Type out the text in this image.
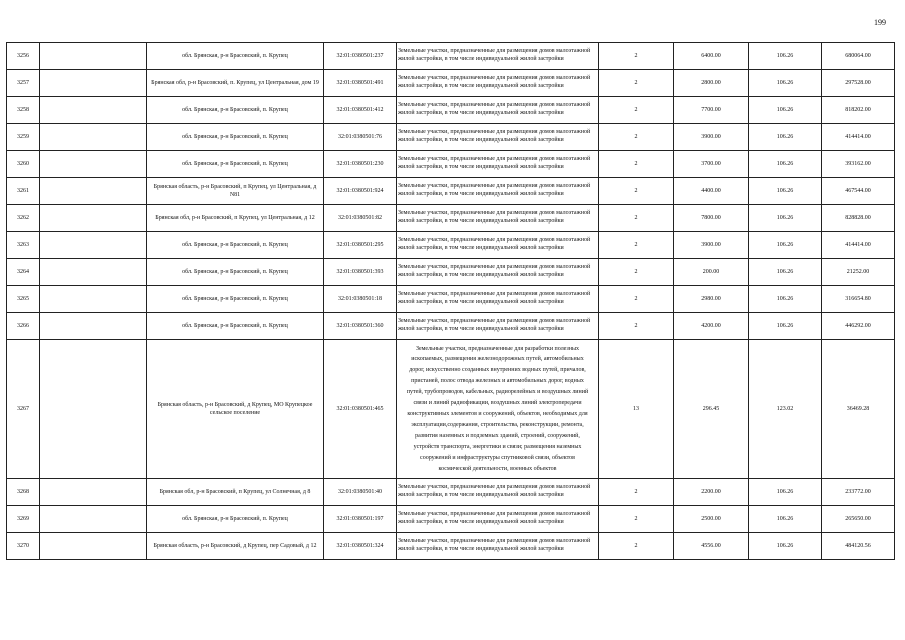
199
3256		обл. Брянская, р-н Брасовский, п. Крупец	32:01:0380501:237	Земельные участки, предназначенные для размещения домов малоэтажной жилой застройки, в том числе индивидуальной жилой застройки	2	6400.00	106.26	680064.00
3257		Брянская обл, р-н Брасовский, п. Крупец, ул Центральная, дом 19	32:01:0380501:491	Земельные участки, предназначенные для размещения домов малоэтажной жилой застройки, в том числе индивидуальной жилой застройки	2	2800.00	106.26	297528.00
3258		обл. Брянская, р-н Брасовский, п. Крупец	32:01:0380501:412	Земельные участки, предназначенные для размещения домов малоэтажной жилой застройки, в том числе индивидуальной жилой застройки	2	7700.00	106.26	818202.00
3259		обл. Брянская, р-н Брасовский, п. Крупец	32:01:0380501:76	Земельные участки, предназначенные для размещения домов малоэтажной жилой застройки, в том числе индивидуальной жилой застройки	2	3900.00	106.26	414414.00
3260		обл. Брянская, р-н Брасовский, п. Крупец	32:01:0380501:230	Земельные участки, предназначенные для размещения домов малоэтажной жилой застройки, в том числе индивидуальной жилой застройки	2	3700.00	106.26	393162.00
3261		Брянская область, р-н Брасовский, п Крупец, ул Центральная, д N81	32:01:0380501:924	Земельные участки, предназначенные для размещения домов малоэтажной жилой застройки, в том числе индивидуальной жилой застройки	2	4400.00	106.26	467544.00
3262		Брянская обл, р-н Брасовский, п Крупец, ул Центральная, д 12	32:01:0380501:82	Земельные участки, предназначенные для размещения домов малоэтажной жилой застройки, в том числе индивидуальной жилой застройки	2	7800.00	106.26	828828.00
3263		обл. Брянская, р-н Брасовский, п. Крупец	32:01:0380501:295	Земельные участки, предназначенные для размещения домов малоэтажной жилой застройки, в том числе индивидуальной жилой застройки	2	3900.00	106.26	414414.00
3264		обл. Брянская, р-н Брасовский, п. Крупец	32:01:0380501:393	Земельные участки, предназначенные для размещения домов малоэтажной жилой застройки, в том числе индивидуальной жилой застройки	2	200.00	106.26	21252.00
3265		обл. Брянская, р-н Брасовский, п. Крупец	32:01:0380501:18	Земельные участки, предназначенные для размещения домов малоэтажной жилой застройки, в том числе индивидуальной жилой застройки	2	2980.00	106.26	316654.80
3266		обл. Брянская, р-н Брасовский, п. Крупец	32:01:0380501:360	Земельные участки, предназначенные для размещения домов малоэтажной жилой застройки, в том числе индивидуальной жилой застройки	2	4200.00	106.26	446292.00
3267		Брянская область, р-н Брасовский, д Крупец, МО Крупецкое сельское поселение	32:01:0380501:465	Земельные участки, предназначенные для разработки полезных ископаемых, размещения железнодорожных путей, автомобильных дорог, искусственно созданных внутренних водных путей, причалов, пристаней, полос отвода железных и автомобильных дорог, водных путей, трубопроводов, кабельных, радиорелейных и воздушных линий связи и линий радиофикации, воздушных линий электропередачи конструктивных элементов и сооружений, объектов, необходимых для эксплуатации,содержания, строительства, реконструкции, ремонта, развития наземных и подземных зданий, строений, сооружений, устройств транспорта, энергетики и связи; размещения наземных сооружений и инфраструктуры спутниковой связи, объектов космической деятельности, военных объектов	13	296.45	123.02	36469.28
3268		Брянская обл, р-н Брасовский, п Крупец, ул Солнечная, д 8	32:01:0380501:40	Земельные участки, предназначенные для размещения домов малоэтажной жилой застройки, в том числе индивидуальной жилой застройки	2	2200.00	106.26	233772.00
3269		обл. Брянская, р-н Брасовский, п. Крупец	32:01:0380501:197	Земельные участки, предназначенные для размещения домов малоэтажной жилой застройки, в том числе индивидуальной жилой застройки	2	2500.00	106.26	265650.00
3270		Брянская область, р-н Брасовский, д Крупец, пер Садовый, д 12	32:01:0380501:324	Земельные участки, предназначенные для размещения домов малоэтажной жилой застройки, в том числе индивидуальной жилой застройки	2	4556.00	106.26	484120.56
